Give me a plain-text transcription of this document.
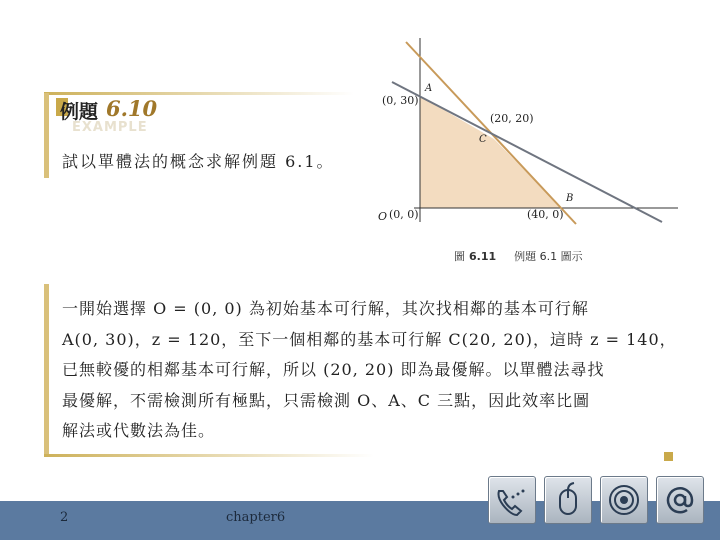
EXAMPLE
例題 6.10
試以單體法的概念求解例題 6.1。
A
(0, 30)
(20, 20)
C
B
(40, 0)
O (0, 0)
圖 6.11 例題 6.1 圖示
一開始選擇 O = (0, 0) 為初始基本可行解，其次找相鄰的基本可行解
A(0, 30)，z = 120，至下一個相鄰的基本可行解 C(20, 20)，這時 z = 140，
已無較優的相鄰基本可行解，所以 (20, 20) 即為最優解。以單體法尋找
最優解，不需檢測所有極點，只需檢測 O、A、C 三點，因此效率比圖
解法或代數法為佳。
2	chapter6
